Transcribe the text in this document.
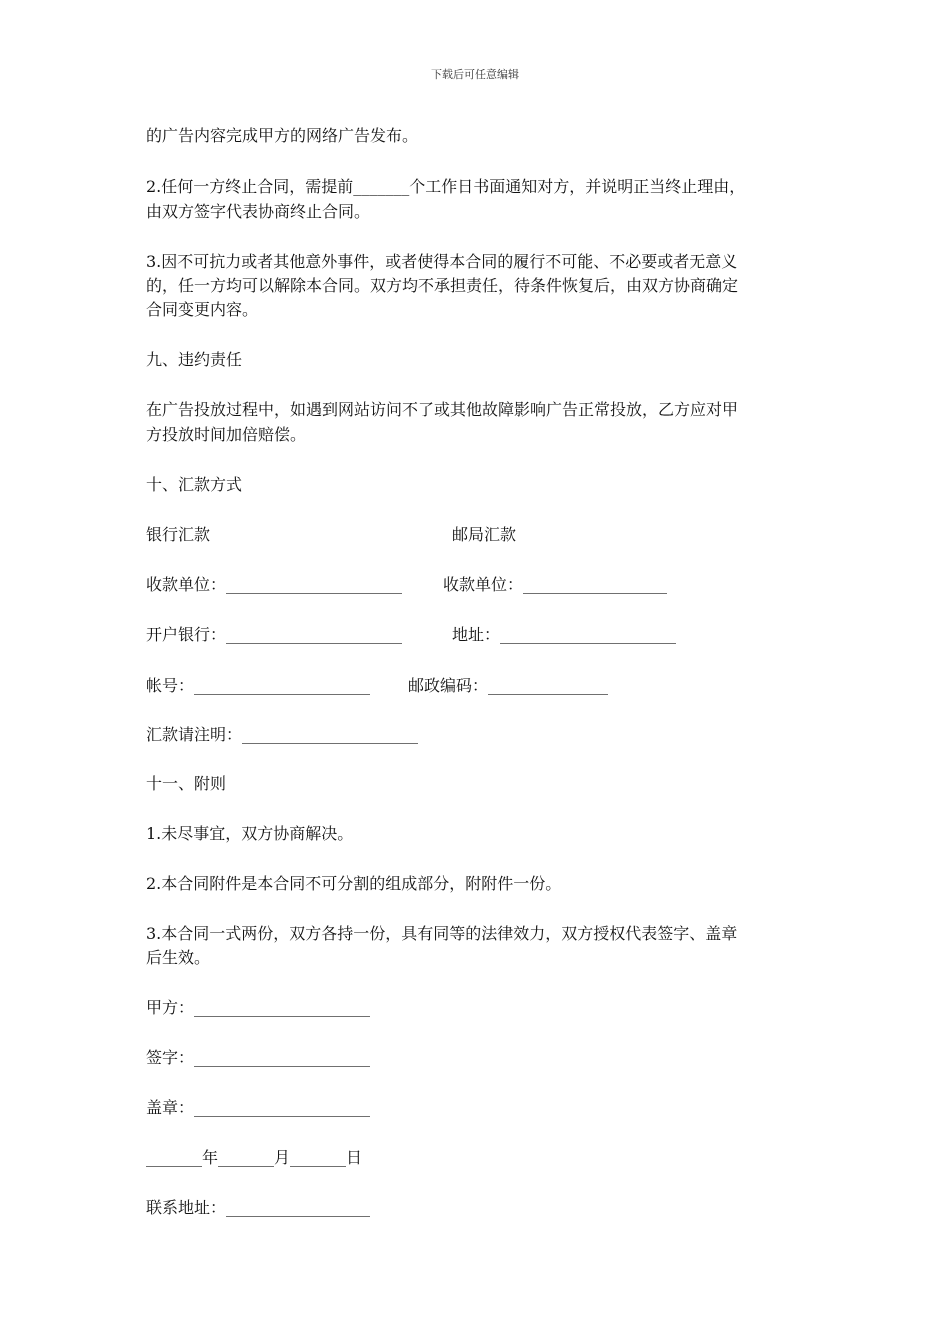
下载后可任意编辑
的广告内容完成甲方的网络广告发布。
2.任何一方终止合同，需提前_______个工作日书面通知对方，并说明正当终止理由，
由双方签字代表协商终止合同。
3.因不可抗力或者其他意外事件，或者使得本合同的履行不可能、不必要或者无意义
的，任一方均可以解除本合同。双方均不承担责任，待条件恢复后，由双方协商确定
合同变更内容。
九、违约责任
在广告投放过程中，如遇到网站访问不了或其他故障影响广告正常投放，乙方应对甲
方投放时间加倍赔偿。
十、汇款方式
银行汇款	邮局汇款
收款单位：______________________	收款单位：__________________
开户银行：______________________	地址：______________________
帐号：______________________ 邮政编码：_______________
汇款请注明：______________________
十一、附则
1.未尽事宜，双方协商解决。
2.本合同附件是本合同不可分割的组成部分，附附件一份。
3.本合同一式两份，双方各持一份，具有同等的法律效力，双方授权代表签字、盖章
后生效。
甲方：______________________
签字：______________________
盖章：______________________
_______年_______月_______日
联系地址：__________________
